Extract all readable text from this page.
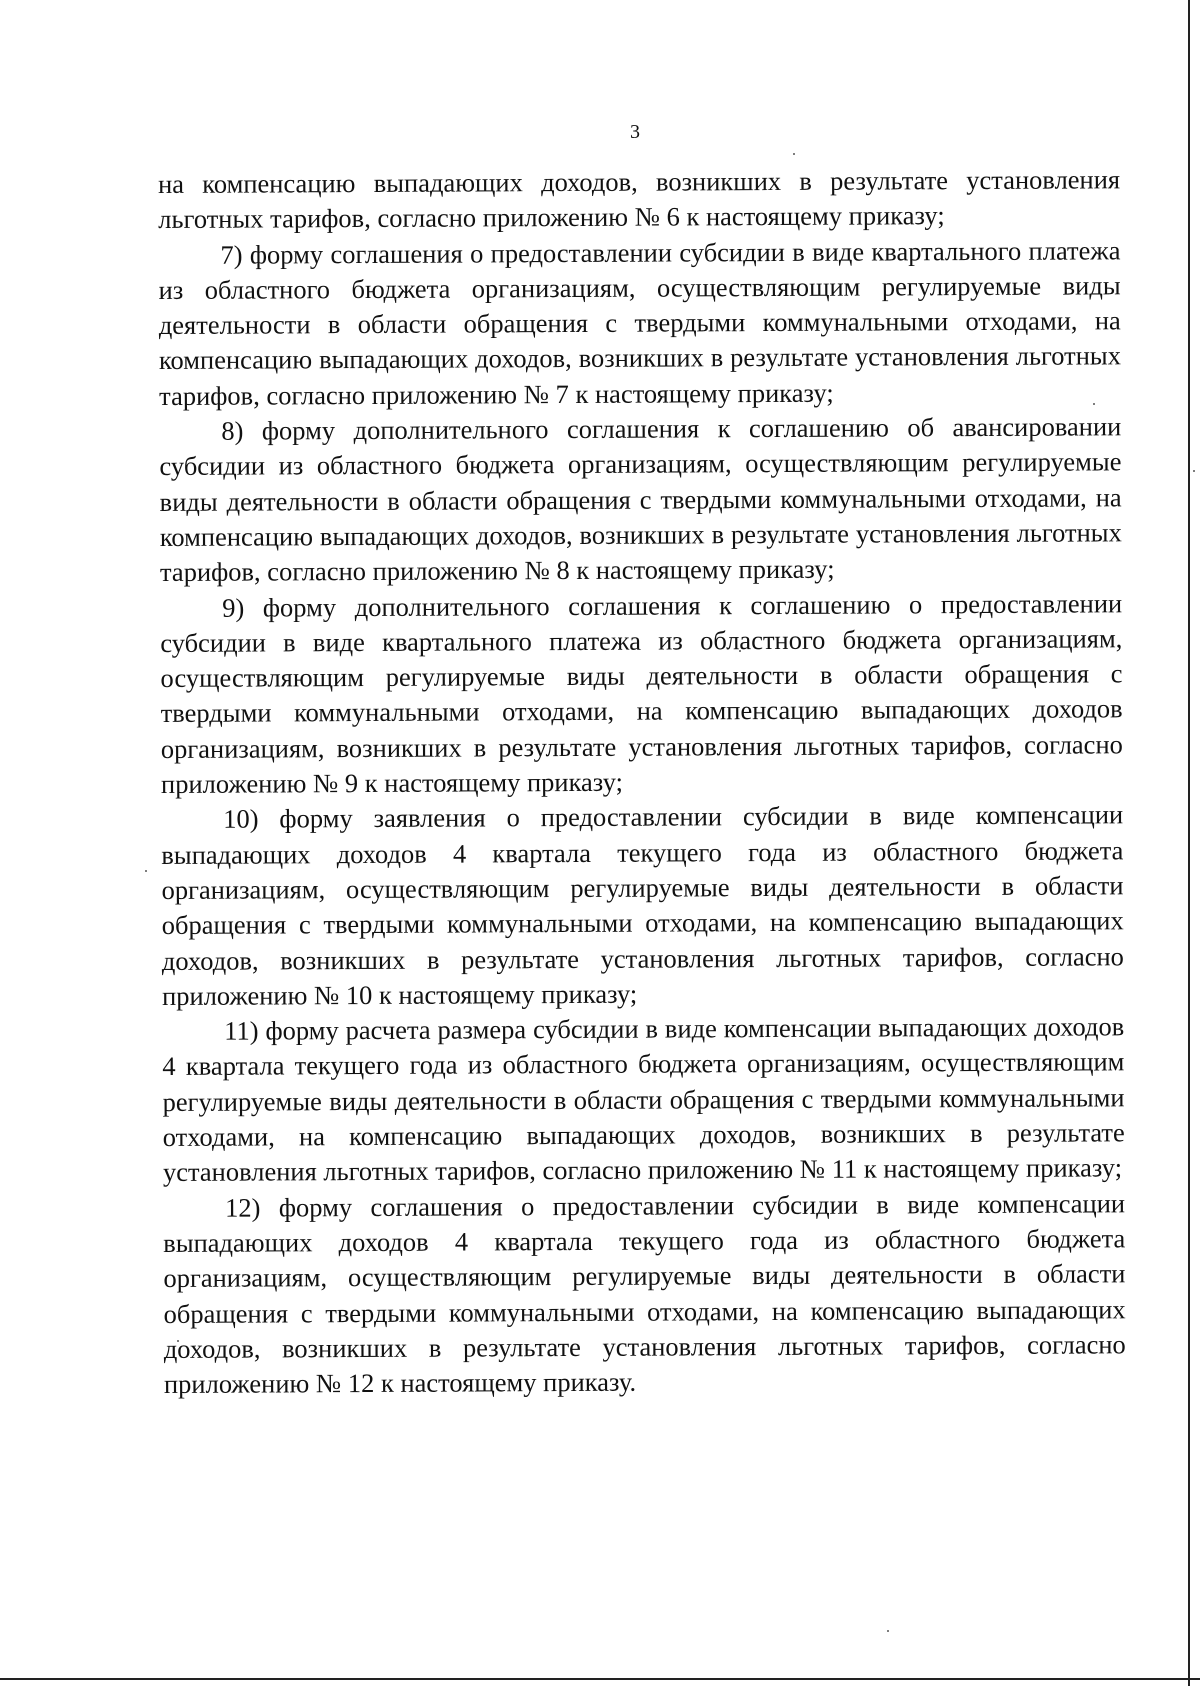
3

на компенсацию выпадающих доходов, возникших в результате установления льготных тарифов, согласно приложению № 6 к настоящему приказу;

7) форму соглашения о предоставлении субсидии в виде квартального платежа из областного бюджета организациям, осуществляющим регулируемые виды деятельности в области обращения с твердыми коммунальными отходами, на компенсацию выпадающих доходов, возникших в результате установления льготных тарифов, согласно приложению № 7 к настоящему приказу;

8) форму дополнительного соглашения к соглашению об авансировании субсидии из областного бюджета организациям, осуществляющим регулируемые виды деятельности в области обращения с твердыми коммунальными отходами, на компенсацию выпадающих доходов, возникших в результате установления льготных тарифов, согласно приложению № 8 к настоящему приказу;

9) форму дополнительного соглашения к соглашению о предоставлении субсидии в виде квартального платежа из областного бюджета организациям, осуществляющим регулируемые виды деятельности в области обращения с твердыми коммунальными отходами, на компенсацию выпадающих доходов организациям, возникших в результате установления льготных тарифов, согласно приложению № 9 к настоящему приказу;

10) форму заявления о предоставлении субсидии в виде компенсации выпадающих доходов 4 квартала текущего года из областного бюджета организациям, осуществляющим регулируемые виды деятельности в области обращения с твердыми коммунальными отходами, на компенсацию выпадающих доходов, возникших в результате установления льготных тарифов, согласно приложению № 10 к настоящему приказу;

11) форму расчета размера субсидии в виде компенсации выпадающих доходов 4 квартала текущего года из областного бюджета организациям, осуществляющим регулируемые виды деятельности в области обращения с твердыми коммунальными отходами, на компенсацию выпадающих доходов, возникших в результате установления льготных тарифов, согласно приложению № 11 к настоящему приказу;

12) форму соглашения о предоставлении субсидии в виде компенсации выпадающих доходов 4 квартала текущего года из областного бюджета организациям, осуществляющим регулируемые виды деятельности в области обращения с твердыми коммунальными отходами, на компенсацию выпадающих доходов, возникших в результате установления льготных тарифов, согласно приложению № 12 к настоящему приказу.
